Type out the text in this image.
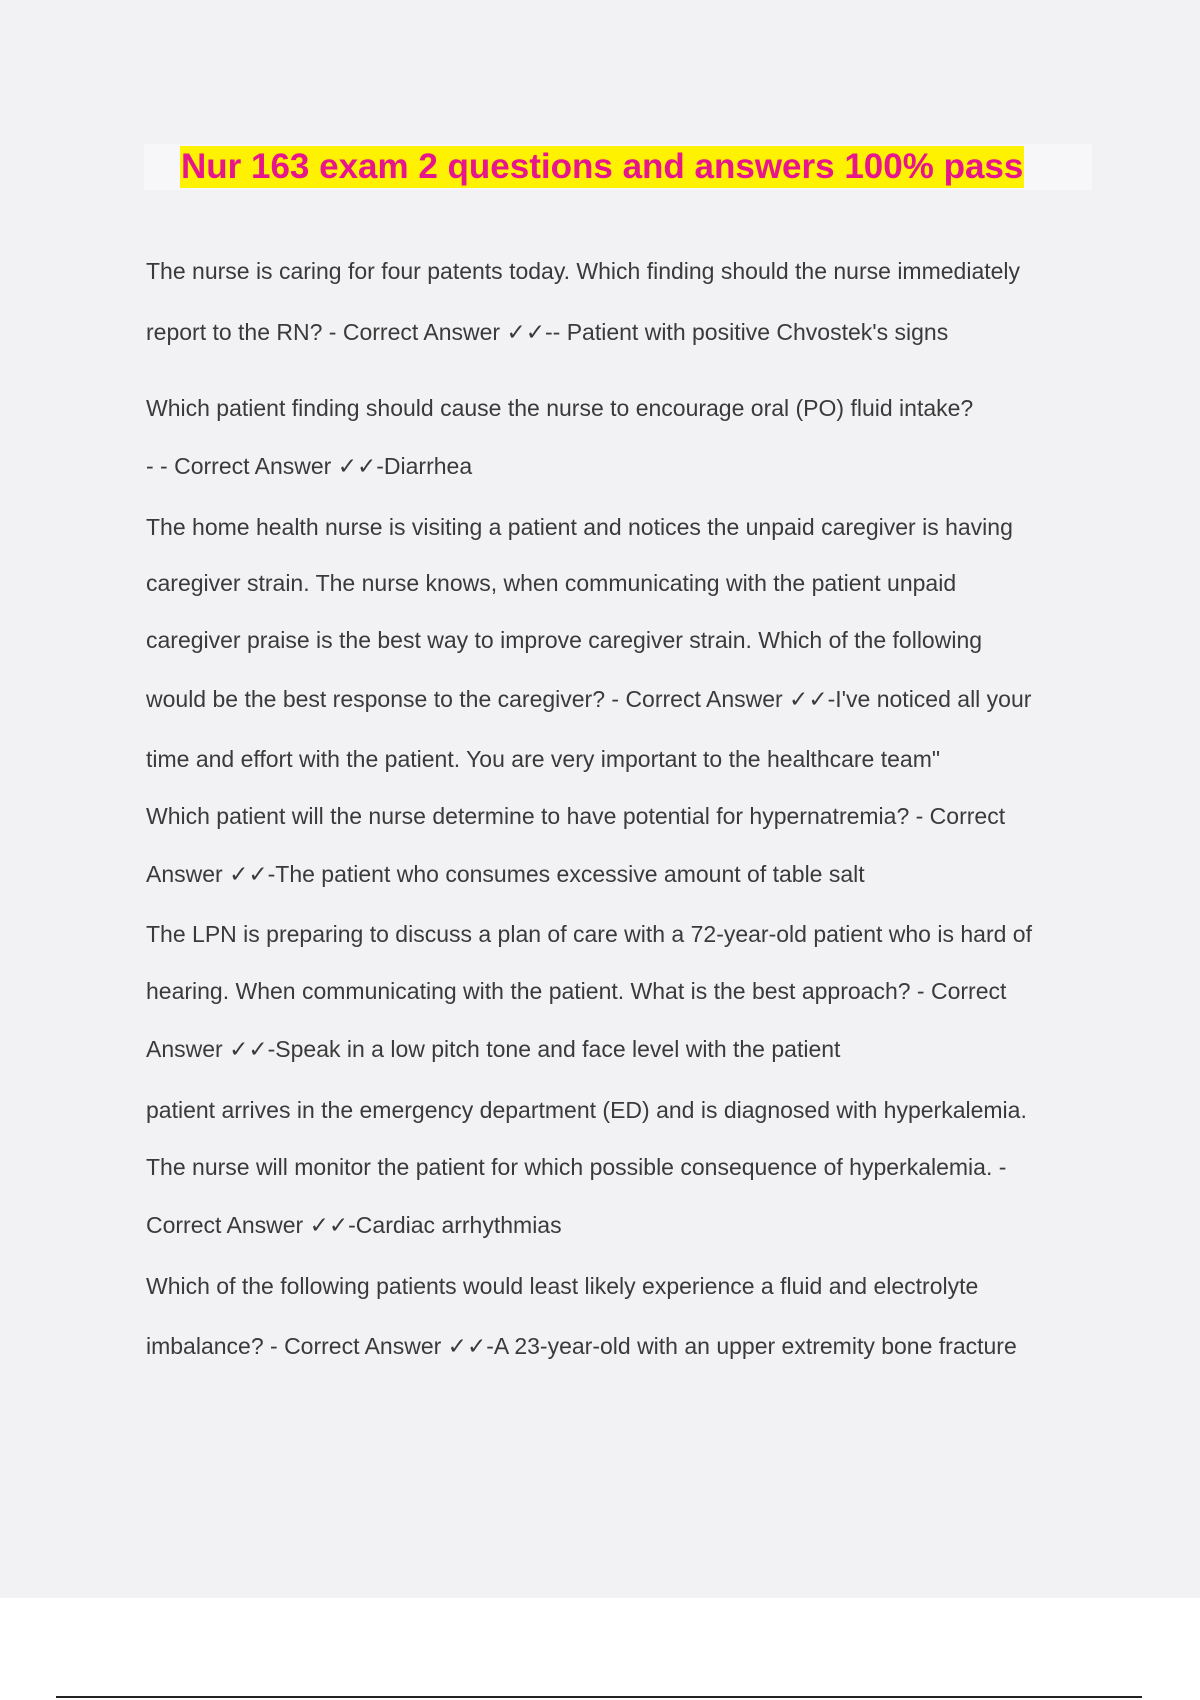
Nur 163 exam 2 questions and answers 100% pass

The nurse is caring for four patents today. Which finding should the nurse immediately

report to the RN? - Correct Answer ✓✓-- Patient with positive Chvostek's signs

Which patient finding should cause the nurse to encourage oral (PO) fluid intake?

- - Correct Answer ✓✓-Diarrhea

The home health nurse is visiting a patient and notices the unpaid caregiver is having

caregiver strain. The nurse knows, when communicating with the patient unpaid

caregiver praise is the best way to improve caregiver strain. Which of the following

would be the best response to the caregiver? - Correct Answer ✓✓-I've noticed all your

time and effort with the patient. You are very important to the healthcare team"

Which patient will the nurse determine to have potential for hypernatremia? - Correct

Answer ✓✓-The patient who consumes excessive amount of table salt

The LPN is preparing to discuss a plan of care with a 72-year-old patient who is hard of

hearing. When communicating with the patient. What is the best approach? - Correct

Answer ✓✓-Speak in a low pitch tone and face level with the patient

patient arrives in the emergency department (ED) and is diagnosed with hyperkalemia.

The nurse will monitor the patient for which possible consequence of hyperkalemia. -

Correct Answer ✓✓-Cardiac arrhythmias

Which of the following patients would least likely experience a fluid and electrolyte

imbalance? - Correct Answer ✓✓-A 23-year-old with an upper extremity bone fracture
